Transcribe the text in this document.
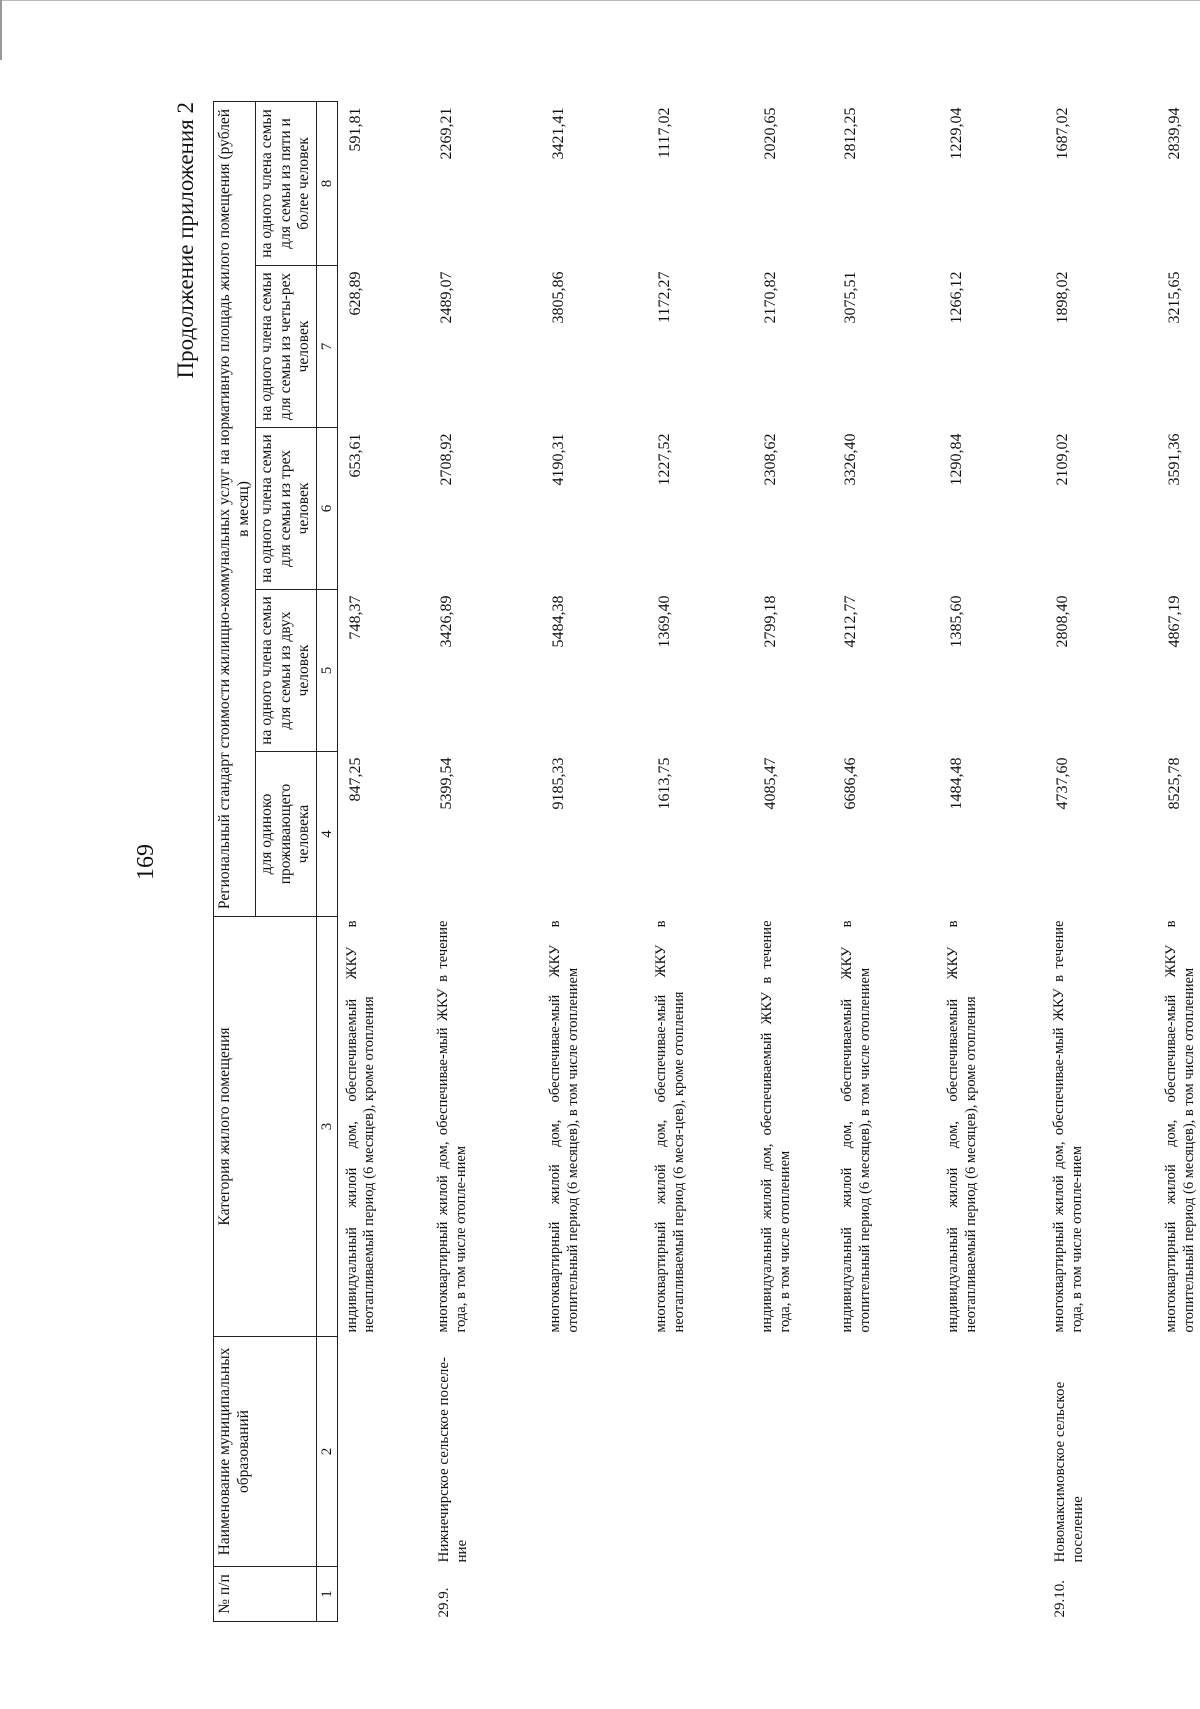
169
Продолжение приложения 2
№ п/п	Наименование муниципальных образований	Категория жилого помещения	Региональный стандарт стоимости жилищно-коммунальных услуг на нормативную площадь жилого помещения (рублей в месяц)				
			для одиноко проживающего человека	на одного члена семьи для семьи из двух человек	на одного члена семьи для семьи из трех человек	на одного члена семьи для семьи из четы-рех человек	на одного члена семьи для семьи из пяти и более человек
1	2	3	4	5	6	7	8
		индивидуальный жилой дом, обеспечиваемый ЖКУ в неотапливаемый период (6 месяцев), кроме отопления	847,25	748,37	653,61	628,89	591,81
29.9.	Нижнечирское сельское поселе-ние	многоквартирный жилой дом, обеспечивае-мый ЖКУ в течение года, в том числе отопле-нием	5399,54	3426,89	2708,92	2489,07	2269,21
		многоквартирный жилой дом, обеспечивае-мый ЖКУ в отопительный период (6 месяцев), в том числе отоплением	9185,33	5484,38	4190,31	3805,86	3421,41
		многоквартирный жилой дом, обеспечивае-мый ЖКУ в неотапливаемый период (6 меся-цев), кроме отопления	1613,75	1369,40	1227,52	1172,27	1117,02
		индивидуальный жилой дом, обеспечиваемый ЖКУ в течение года, в том числе отоплением	4085,47	2799,18	2308,62	2170,82	2020,65
		индивидуальный жилой дом, обеспечиваемый ЖКУ в отопительный период (6 месяцев), в том числе отоплением	6686,46	4212,77	3326,40	3075,51	2812,25
		индивидуальный жилой дом, обеспечиваемый ЖКУ в неотапливаемый период (6 месяцев), кроме отопления	1484,48	1385,60	1290,84	1266,12	1229,04
29.10.	Новомаксимовское сельское поселение	многоквартирный жилой дом, обеспечивае-мый ЖКУ в течение года, в том числе отопле-нием	4737,60	2808,40	2109,02	1898,02	1687,02
		многоквартирный жилой дом, обеспечивае-мый ЖКУ в отопительный период (6 месяцев), в том числе отоплением	8525,78	4867,19	3591,36	3215,65	2839,94
